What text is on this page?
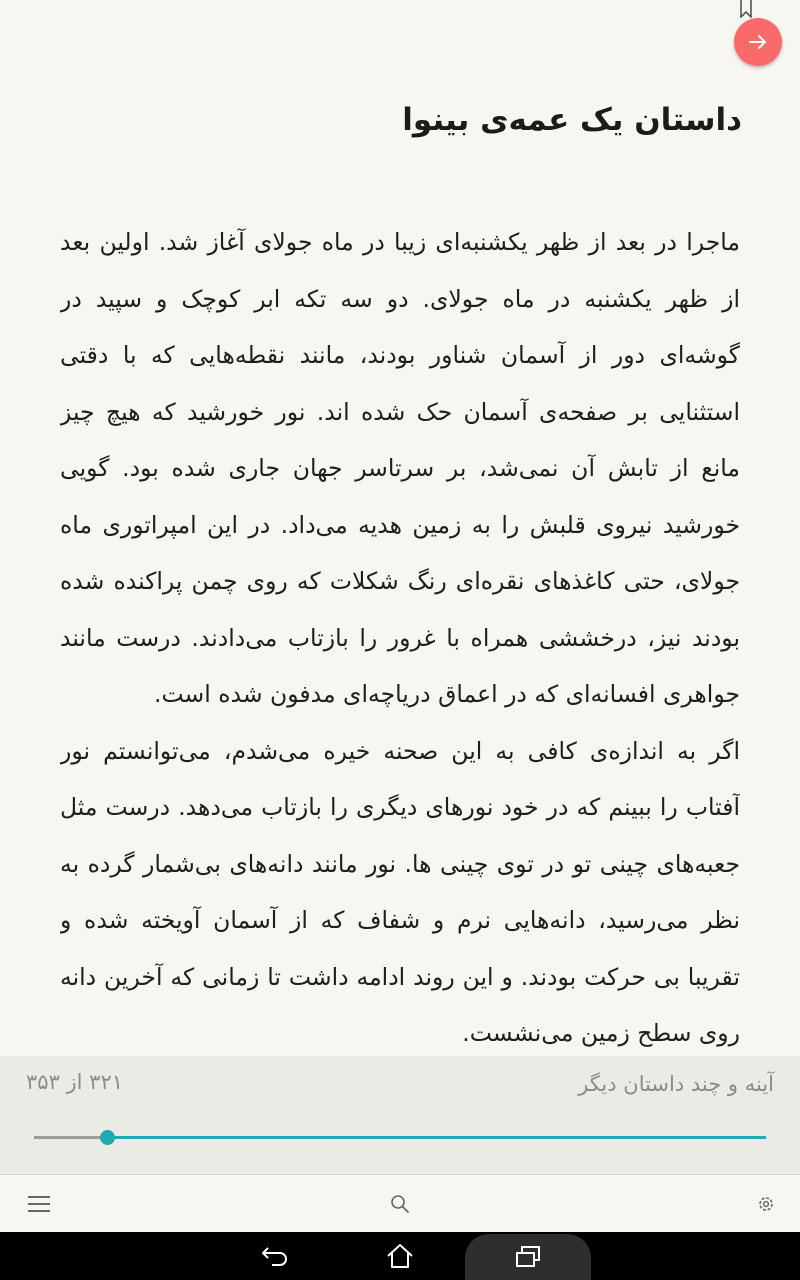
داستان یک عمه‌ی بینوا

ماجرا در بعد از ظهر یکشنبه‌ای زیبا در ماه جولای آغاز شد. اولین بعد از ظهر یکشنبه در ماه جولای. دو سه تکه ابر کوچک و سپید در گوشه‌ای دور از آسمان شناور بودند، مانند نقطه‌هایی که با دقتی استثنایی بر صفحه‌ی آسمان حک شده اند. نور خورشید که هیچ چیز مانع از تابش آن نمی‌شد، بر سرتاسر جهان جاری شده بود. گویی خورشید نیروی قلبش را به زمین هدیه می‌داد. در این امپراتوری ماه جولای، حتی کاغذهای نقره‌ای رنگ شکلات که روی چمن پراکنده شده بودند نیز، درخششی همراه با غرور را بازتاب می‌دادند. درست مانند جواهری افسانه‌ای که در اعماق دریاچه‌ای مدفون شده است.

اگر به اندازه‌ی کافی به این صحنه خیره می‌شدم، می‌توانستم نور آفتاب را ببینم که در خود نورهای دیگری را بازتاب می‌دهد. درست مثل جعبه‌های چینی تو در توی چینی ها. نور مانند دانه‌های بی‌شمار گرده به نظر می‌رسید، دانه‌هایی نرم و شفاف که از آسمان آویخته شده و تقریبا بی حرکت بودند. و این روند ادامه داشت تا زمانی که آخرین دانه روی سطح زمین می‌نشست.

آینه و چند داستان دیگر
۳۲۱ از ۳۵۳
